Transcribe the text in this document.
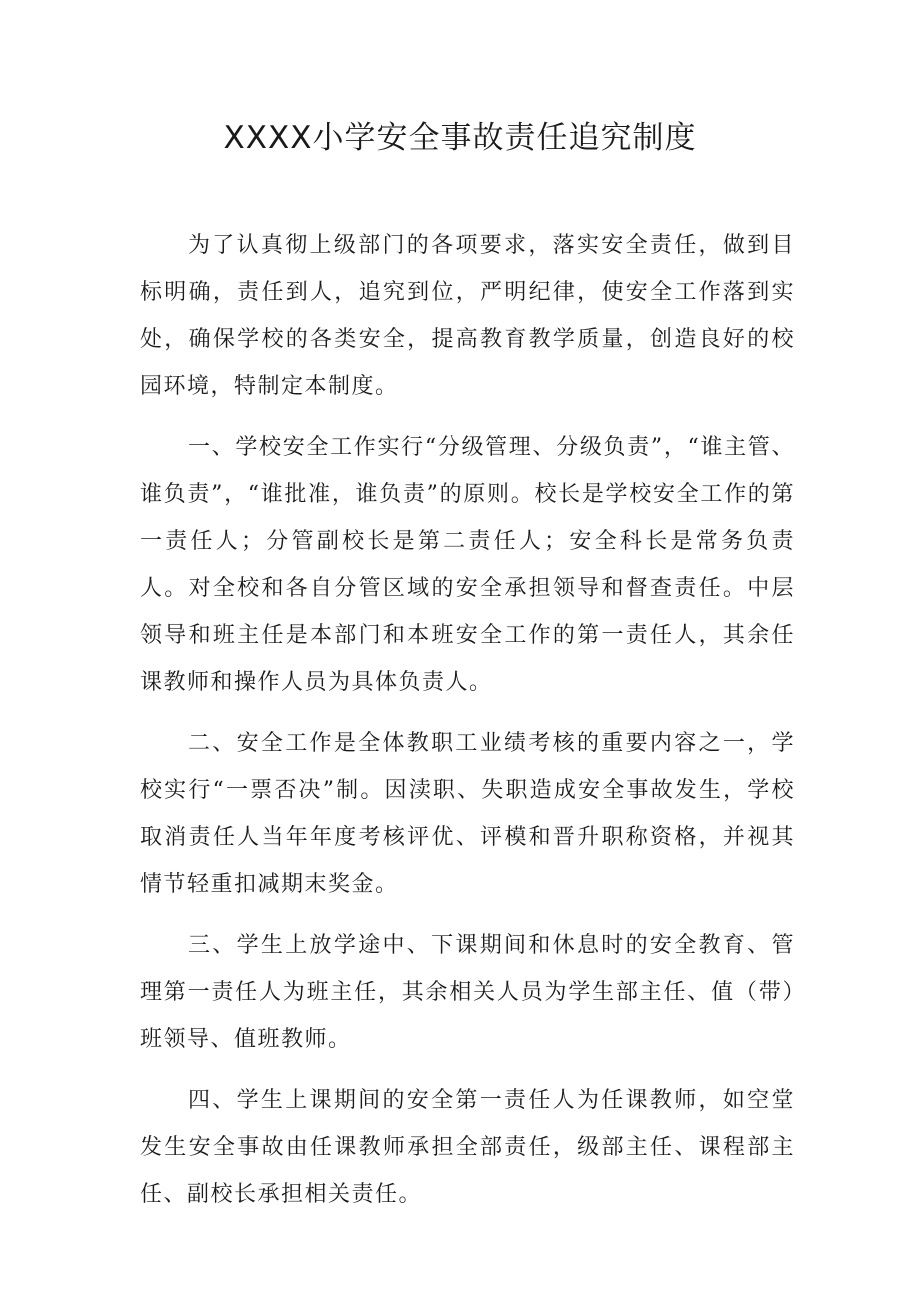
XXXX小学安全事故责任追究制度

为了认真彻上级部门的各项要求，落实安全责任，做到目标明确，责任到人，追究到位，严明纪律，使安全工作落到实处，确保学校的各类安全，提高教育教学质量，创造良好的校园环境，特制定本制度。

一、学校安全工作实行“分级管理、分级负责”，“谁主管、谁负责”，“谁批准，谁负责”的原则。校长是学校安全工作的第一责任人；分管副校长是第二责任人；安全科长是常务负责人。对全校和各自分管区域的安全承担领导和督查责任。中层领导和班主任是本部门和本班安全工作的第一责任人，其余任课教师和操作人员为具体负责人。

二、安全工作是全体教职工业绩考核的重要内容之一，学校实行“一票否决”制。因渎职、失职造成安全事故发生，学校取消责任人当年年度考核评优、评模和晋升职称资格，并视其情节轻重扣减期末奖金。

三、学生上放学途中、下课期间和休息时的安全教育、管理第一责任人为班主任，其余相关人员为学生部主任、值（带）班领导、值班教师。

四、学生上课期间的安全第一责任人为任课教师，如空堂发生安全事故由任课教师承担全部责任，级部主任、课程部主任、副校长承担相关责任。
